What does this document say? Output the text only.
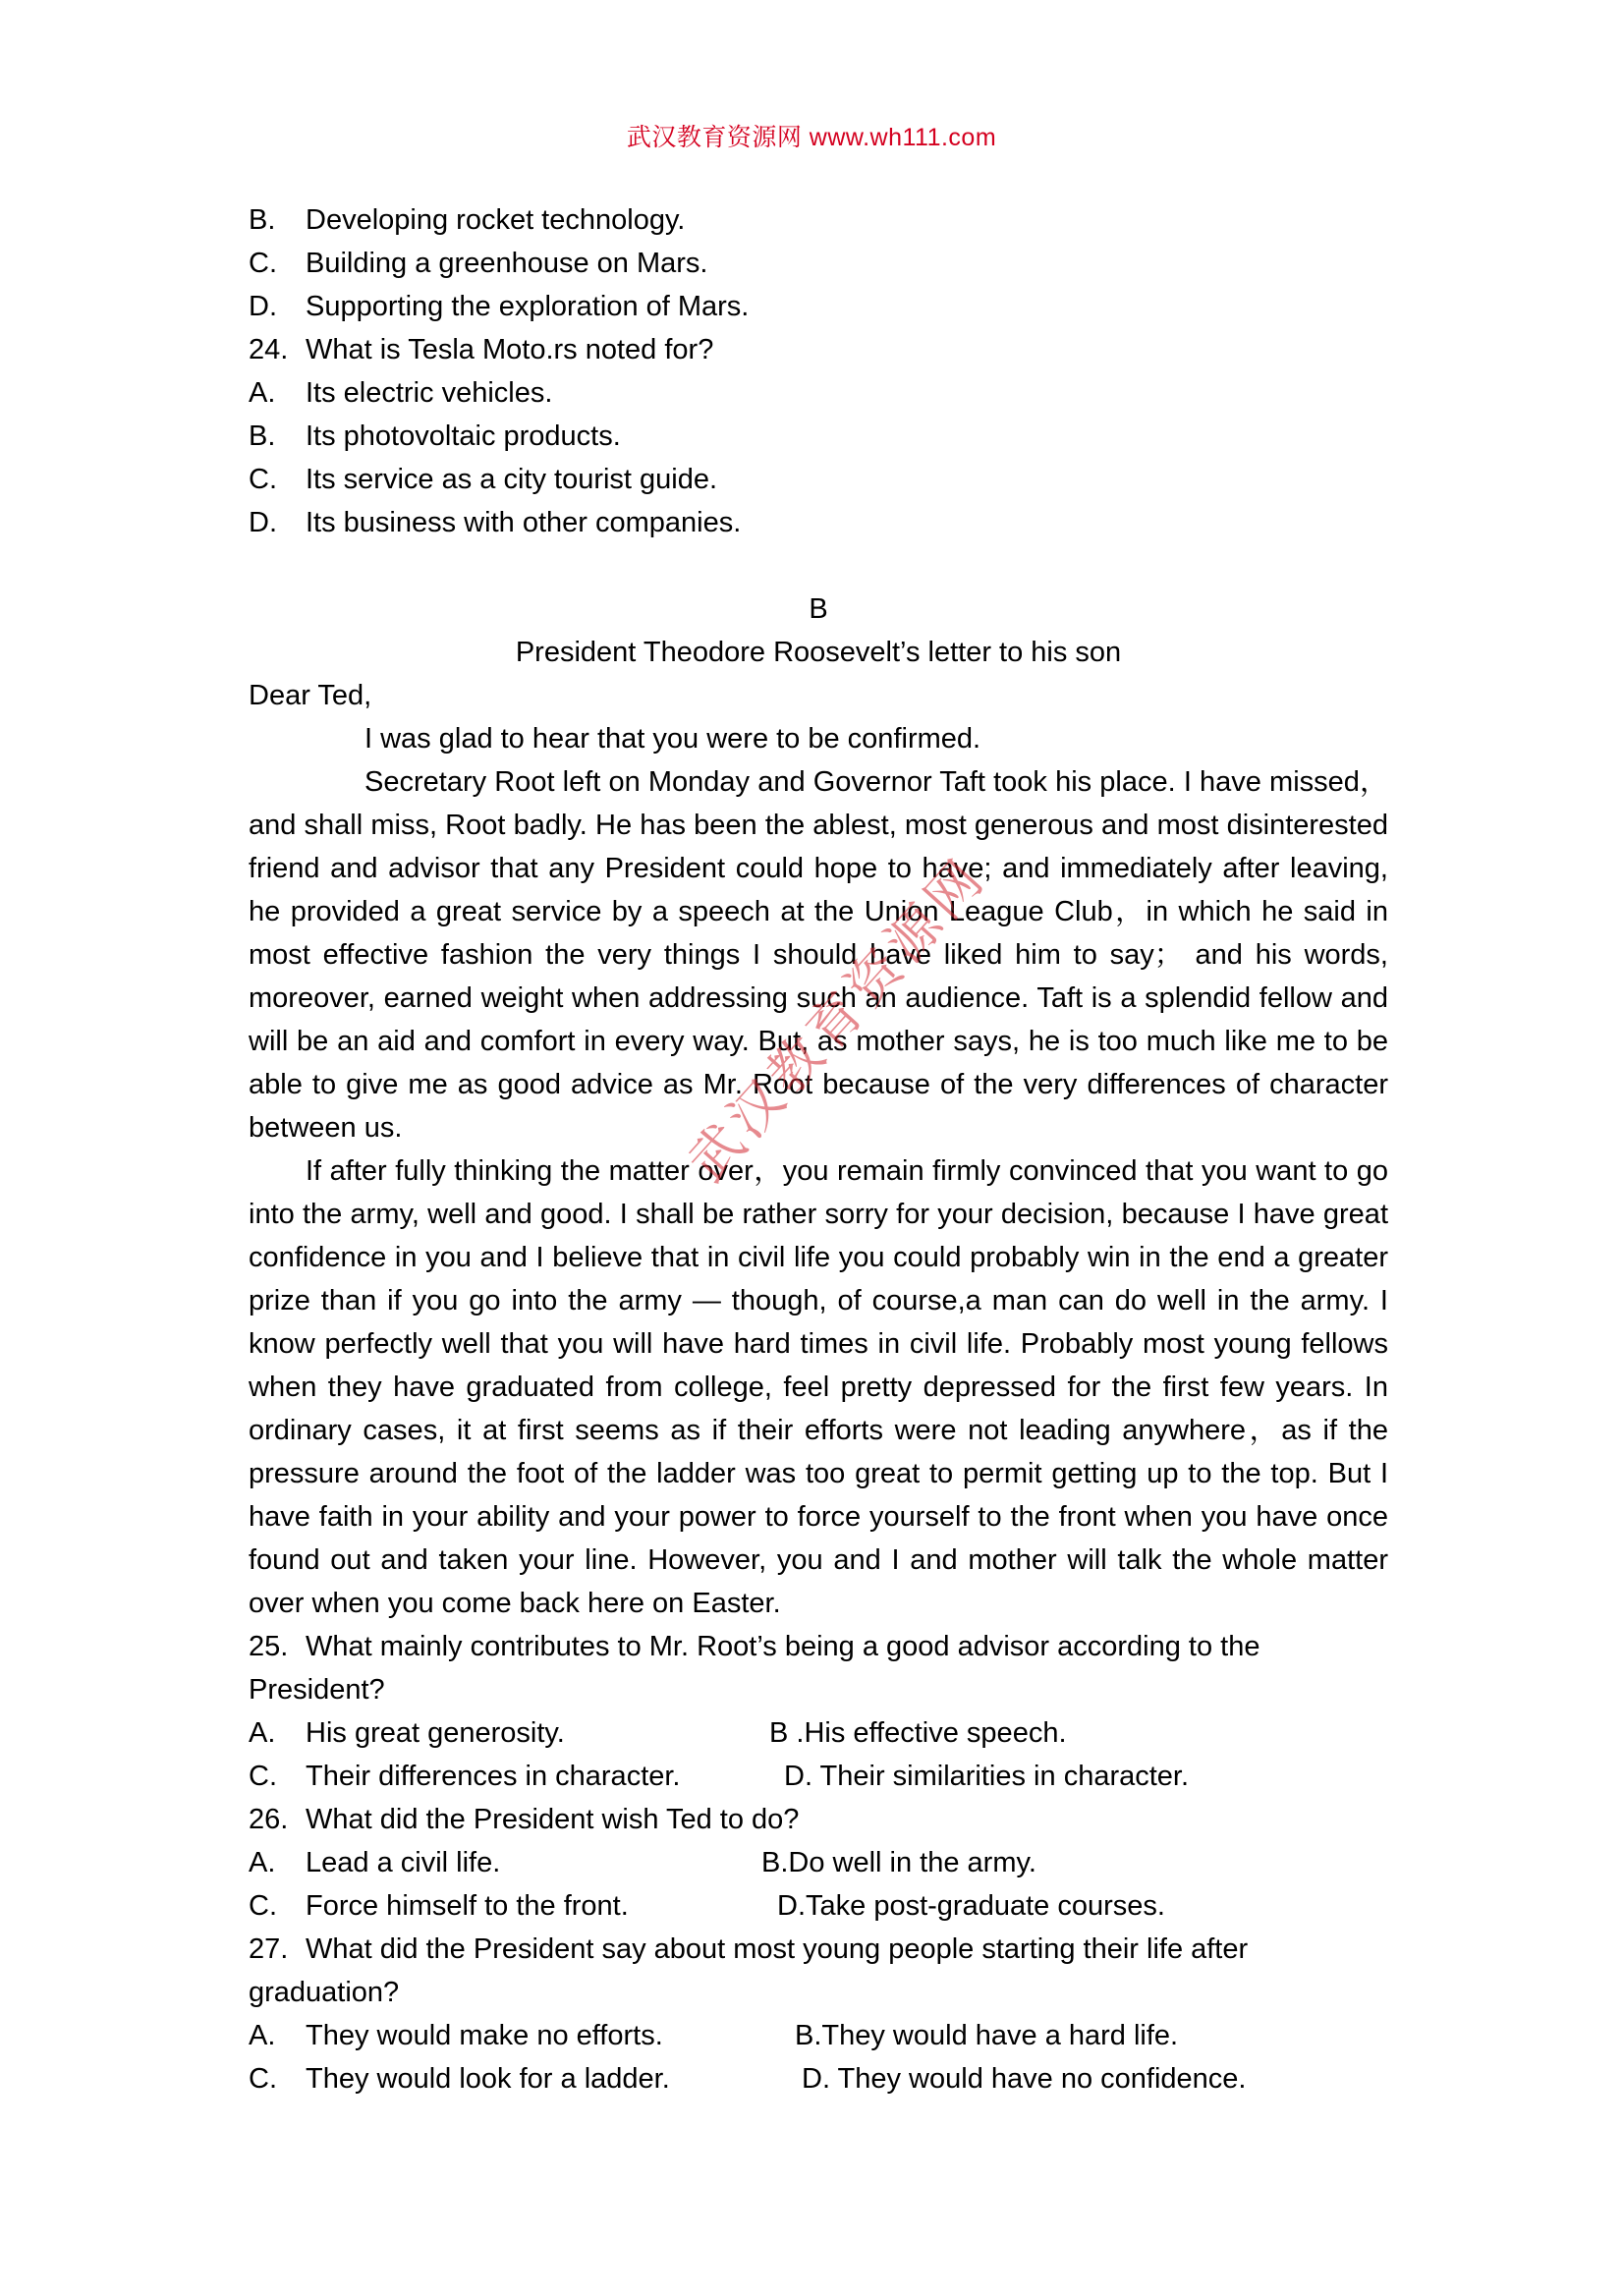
武汉教育资源网 www.wh111.com
B.	Developing rocket technology.
C.	Building a greenhouse on Mars.
D.	Supporting the exploration of Mars.
24. What is Tesla Moto.rs noted for?
A.	Its electric vehicles.
B.	Its photovoltaic products.
C.	Its service as a city tourist guide.
D.	Its business with other companies.
B
President Theodore Roosevelt’s letter to his son
Dear Ted,
I was glad to hear that you were to be confirmed.
Secretary Root left on Monday and Governor Taft took his place. I have missed，and shall miss, Root badly. He has been the ablest, most generous and most disinterested friend and advisor that any President could hope to have; and immediately after leaving, he provided a great service by a speech at the Union League Club，in which he said in most effective fashion the very things I should have liked him to say； and his words, moreover, earned weight when addressing such an audience. Taft is a splendid fellow and will be an aid and comfort in every way. But, as mother says, he is too much like me to be able to give me as good advice as Mr. Root because of the very differences of character between us.
If after fully thinking the matter over，you remain firmly convinced that you want to go into the army, well and good. I shall be rather sorry for your decision, because I have great confidence in you and I believe that in civil life you could probably win in the end a greater prize than if you go into the army — though, of course,a man can do well in the army. I know perfectly well that you will have hard times in civil life. Probably most young fellows when they have graduated from college, feel pretty depressed for the first few years. In ordinary cases, it at first seems as if their efforts were not leading anywhere，as if the pressure around the foot of the ladder was too great to permit getting up to the top. But I have faith in your ability and your power to force yourself to the front when you have once found out and taken your line. However, you and I and mother will talk the whole matter over when you come back here on Easter.
25. What mainly contributes to Mr. Root’s being a good advisor according to the President?
A.	His great generosity.	B .His effective speech.
C.	Their differences in character.	D. Their similarities in character.
26. What did the President wish Ted to do?
A.	Lead a civil life.	B.Do well in the army.
C.	Force himself to the front.	D.Take post-graduate courses.
27. What did the President say about most young people starting their life after graduation?
A.	They would make no efforts.	B.They would have a hard life.
C.	They would look for a ladder.	D. They would have no confidence.
武汉教育资源网
